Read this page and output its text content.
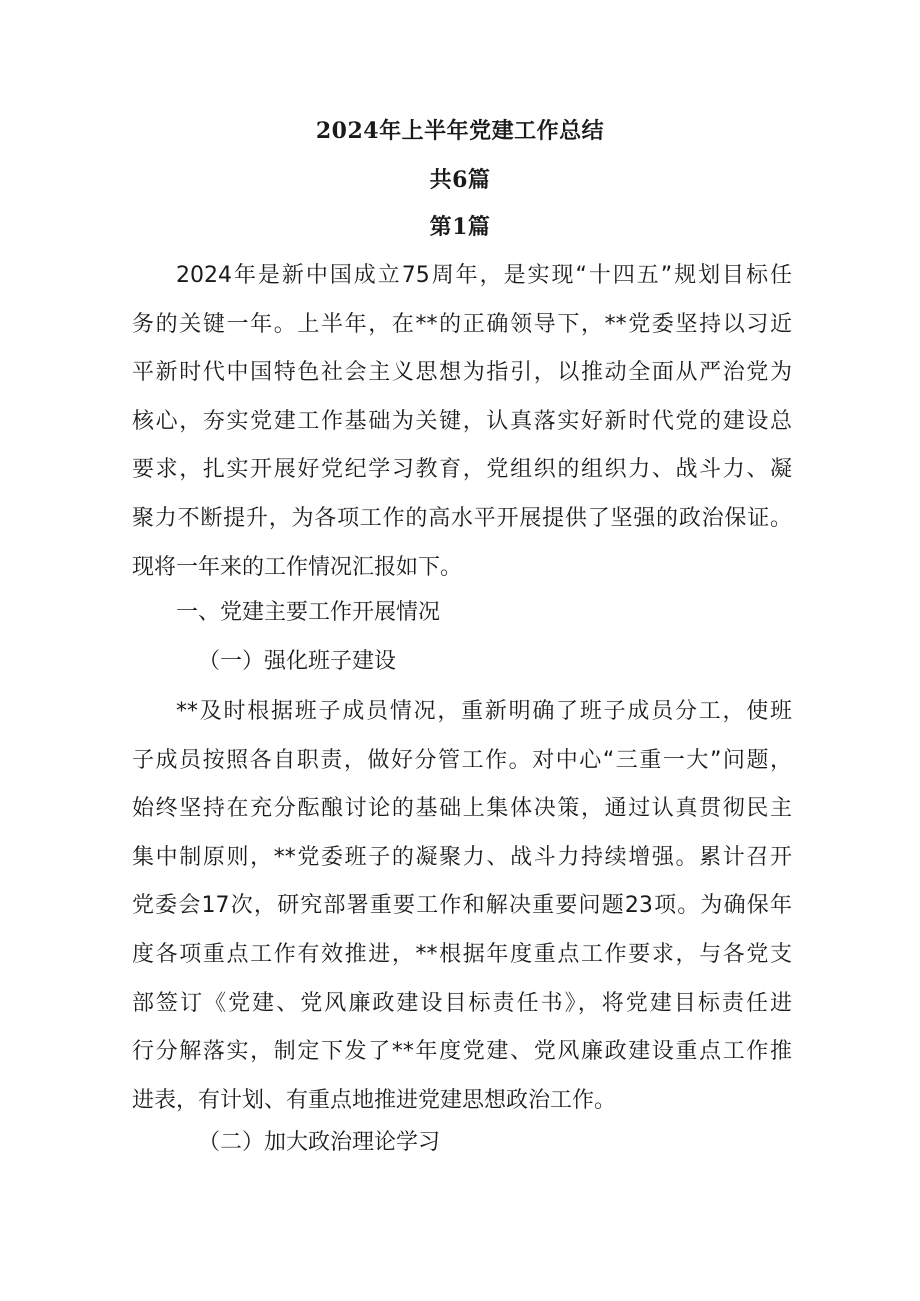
2024年上半年党建工作总结
共6篇
第1篇
2024年是新中国成立75周年，是实现“十四五”规划目标任
务的关键一年。上半年，在**的正确领导下，**党委坚持以习近
平新时代中国特色社会主义思想为指引，以推动全面从严治党为
核心，夯实党建工作基础为关键，认真落实好新时代党的建设总
要求，扎实开展好党纪学习教育，党组织的组织力、战斗力、凝
聚力不断提升，为各项工作的高水平开展提供了坚强的政治保证。
现将一年来的工作情况汇报如下。
一、党建主要工作开展情况
（一）强化班子建设
**及时根据班子成员情况，重新明确了班子成员分工，使班
子成员按照各自职责，做好分管工作。对中心“三重一大”问题，
始终坚持在充分酝酿讨论的基础上集体决策，通过认真贯彻民主
集中制原则，**党委班子的凝聚力、战斗力持续增强。累计召开
党委会17次，研究部署重要工作和解决重要问题23项。为确保年
度各项重点工作有效推进，**根据年度重点工作要求，与各党支
部签订《党建、党风廉政建设目标责任书》，将党建目标责任进
行分解落实，制定下发了**年度党建、党风廉政建设重点工作推
进表，有计划、有重点地推进党建思想政治工作。
（二）加大政治理论学习
